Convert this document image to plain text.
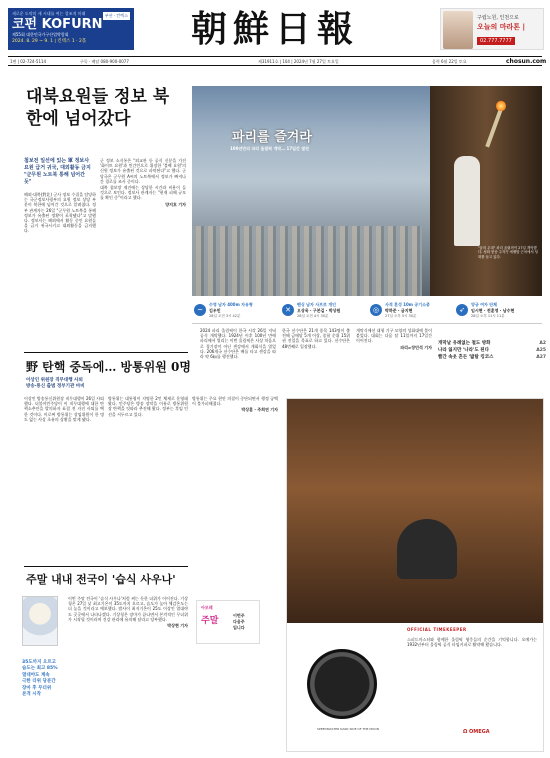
새로운 도약의 새 시대를 여는 창조적 미래
코펀 KOFURN
제55회 대한민국가구산업박람회
2024. 8. 29 ~ 9. 1 | 킨텍스 1 · 2홀
부산 · 킨텍스	朝鮮日報	구립노원, 인천으로
오늘의 마라톤 |
02.777.7777
1면 | 02-724-5114	구독 · 배달 080-900-0077	제31911호 | 104 | 2024년 7월 27일 토요일	음력 6월 22일 토요	chosun.com
대북요원들 정보 북한에 넘어갔다
첨보전 일선에 있는 軍 정보사
요원 급거 귀국, 대외활동 금지
"군무원 노트북 통해 넘어간 듯"

군 정보 소식통은 "외교관 등 공식 신분을 가진 '화이트 요원'과 민간인으로 위장한 '블랙 요원'의 신원 정보가 유출된 것으로 파악된다"고 했다. 군 당국은 군무원 A씨의 노트북에서 정보가 빠져나간 경로를 조사 중이다.

대북 첩보망 재건에는 상당한 시간과 비용이 들 것으로 보인다. 정보사 관계자는 "현재 피해 규모를 확인 중"이라고 했다.

양지호 기자

해외·대북(對北) 군사 정보 수집을 담당하는 국군정보사령부의 요원 정보 상당 부분이 북한에 넘어간 것으로 알려졌다. 정부 관계자는 26일 "군무원 노트북을 통해 정보가 유출된 정황이 포착됐다"고 말했다. 정보사는 해외에서 활동 중인 요원들을 급거 귀국시키고 대외활동을 금지했다.

파리를 즐겨라
100년만의 파리 올림픽 개막… 17일간 열전
"꿈의 무대" 파리 올림픽이 27일 개막했다. 성화 봉송 주자가 에펠탑 근처에서 성화를 들고 있다.
~
수영 남자 400m 자유형
김우민
28일 오전 3시 42분
✕
펜싱 남자 사브르 개인
오상욱 · 구본길 · 박상원
28일 오전 4시 30분
◎
사격 혼성 10m 공기소총
박하준 · 금지현
27일 오후 5시 30분
➶
양궁 여자 단체
임시현 · 전훈영 · 남수현
28일 오후 11시 11분

2024 파리 올림픽이 한국 시각 26일 저녁 공식 개막했다. 1924년 이후 100년 만에 파리에서 열리는 이번 올림픽은 사상 처음으로 경기장이 아닌 센강에서 개회식을 열었다. 206개국 선수단은 배를 타고 센강을 따라 약 6㎞를 행진했다.

한국 선수단은 21개 종목 143명이 출전해 금메달 5개 이상, 종합 순위 15위권 진입을 목표로 하고 있다. 선수단은 48번째로 입장했다.

개막식에선 대형 기구 모양의 성화대에 불이 붙었다. 대회는 다음 달 11일까지 17일간 이어진다.

파리=장민석 기자

개막날 유례없는 철도 방화	A2
나라 잃지만 '나라'도 된다	A25
빨간 속옷 흔든 '밟탈 킹코스	A27
野 탄핵 중독에… 방통위원 0명
이상인 위원장 직무대행 사퇴
방송·통신 출범 정부기관 마비

이상인 방송통신위원장 직무대행이 26일 사퇴했다. 더불어민주당이 이 직무대행에 대한 탄핵소추안을 발의하자 표결 전 자진 사퇴를 택한 것이다. 이로써 방통위는 상임위원이 한 명도 없는 사상 초유의 상황을 맞게 됐다.

방통위는 대통령이 지명한 2인 체제로 운영돼 왔다. 민주당은 방송 장악을 이유로 방통위원장 탄핵을 잇따라 추진해 왔다. 정부는 후임 인선을 서두르고 있다.

방통위는 주요 현안 의결이 중단되면서 행정 공백이 불가피해졌다.

박상훈 · 주희연 기자

주말 내내 전국이 '습식 사우나'
35도까지 오르고
습도는 최고 85%
열대야도 계속
극한 더위 당분간
장마 후 무더위
본격 시작

이번 주말 전국이 '습식 사우나'처럼 찌는 듯한 더위가 이어진다. 기상청은 27일 낮 최고기온이 35도까지 오르고, 습도가 높아 체감온도는 더 높을 것이라고 예보했다. 밤사이 최저기온이 25도 이상인 열대야도 곳곳에서 나타나겠다. 기상청은 장마가 끝나면서 본격적인 무더위가 시작될 것이라며 건강 관리에 유의해 달라고 당부했다.

박상현 기자

아모레
주말
이번주
다음주
입니다	OFFICIAL TIMEKEEPER
스피드마스터와 함께한 올림픽 영웅들의 순간을 기억합니다. 오메가는 1932년부터 올림픽 공식 타임키퍼로 활약해 왔습니다.
SPEEDMASTER DARK SIDE OF THE MOON	Ω OMEGA
